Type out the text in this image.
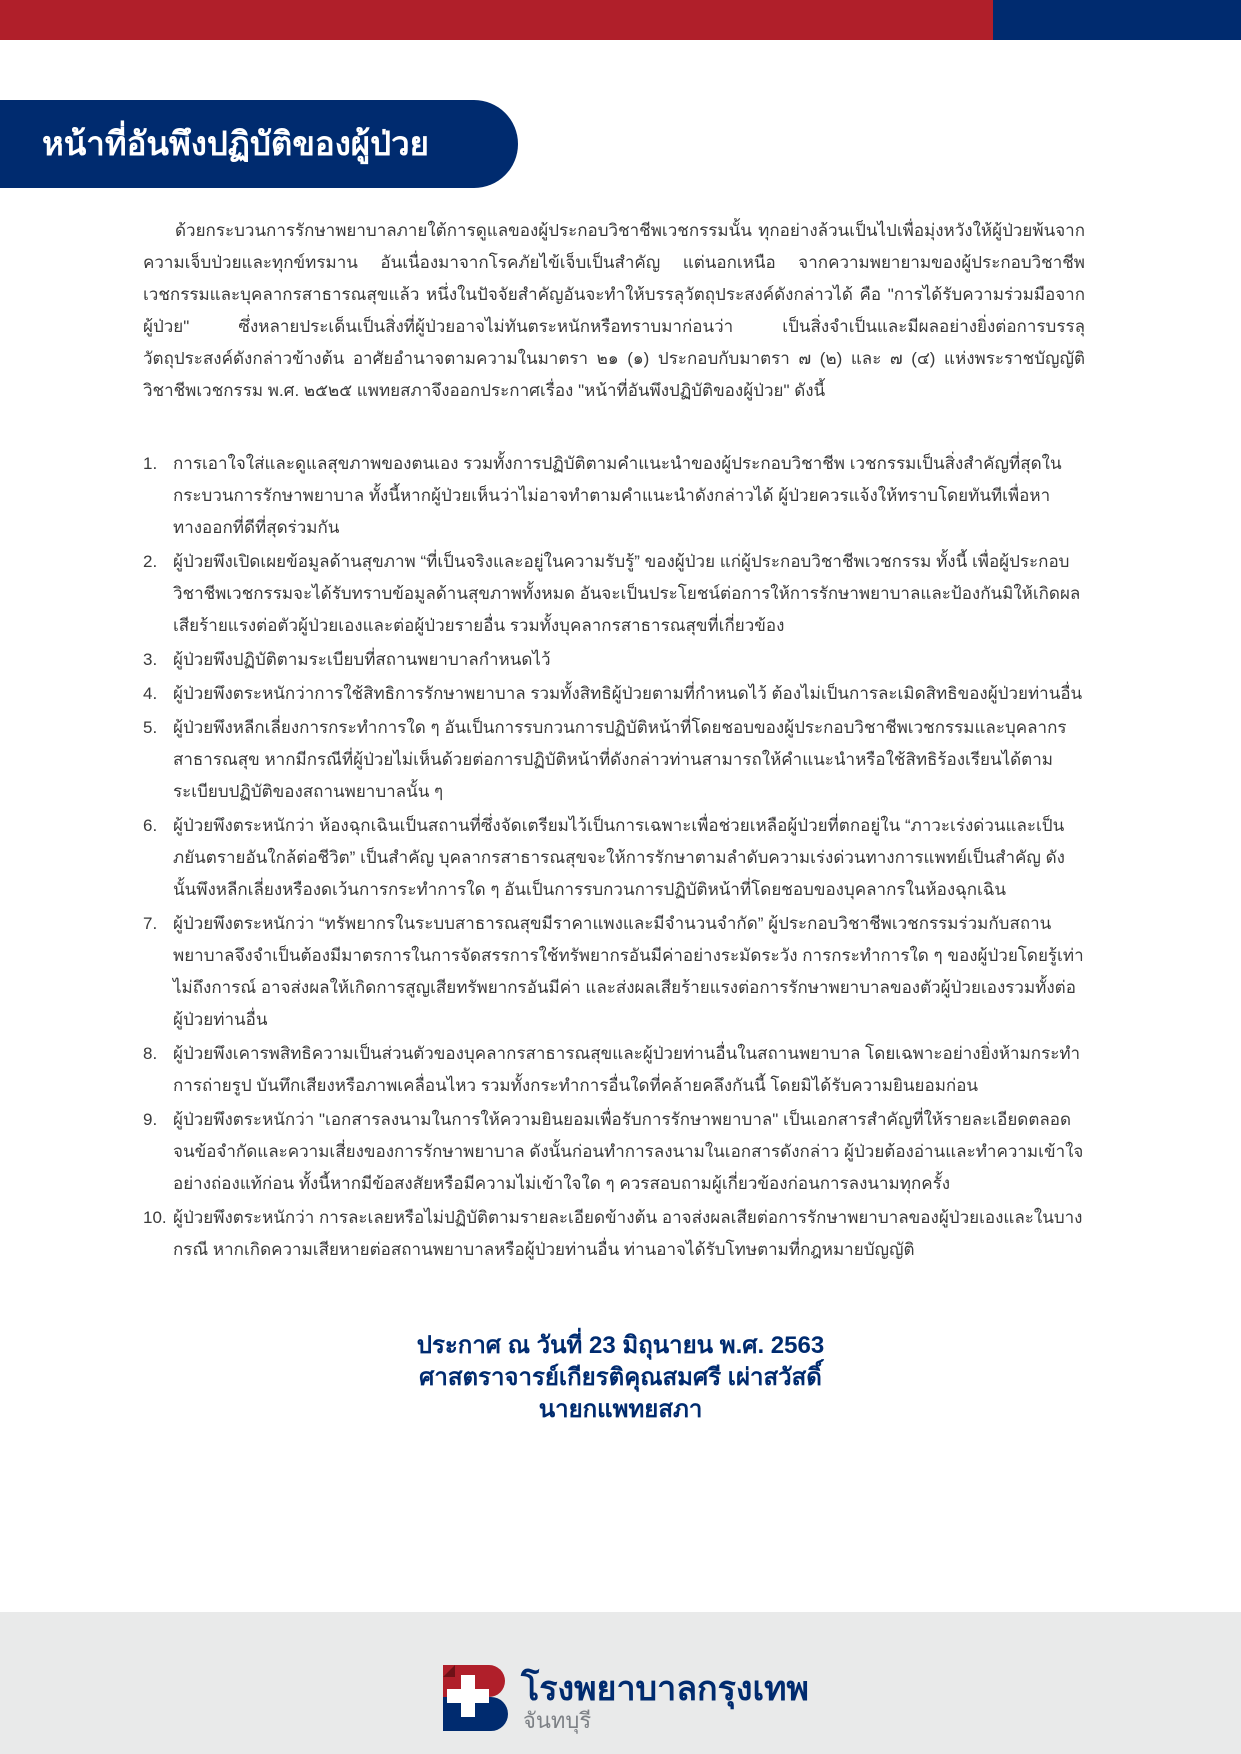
หน้าที่อันพึงปฏิบัติของผู้ป่วย

ด้วยกระบวนการรักษาพยาบาลภายใต้การดูแลของผู้ประกอบวิชาชีพเวชกรรมนั้น ทุกอย่างล้วนเป็นไปเพื่อมุ่งหวังให้ผู้ป่วยพ้นจากความเจ็บป่วยและทุกข์ทรมาน อันเนื่องมาจากโรคภัยไข้เจ็บเป็นสำคัญ แต่นอกเหนือ จากความพยายามของผู้ประกอบวิชาชีพเวชกรรมและบุคลากรสาธารณสุขแล้ว หนึ่งในปัจจัยสำคัญอันจะทำให้บรรลุวัตถุประสงค์ดังกล่าวได้ คือ "การได้รับความร่วมมือจากผู้ป่วย" ซึ่งหลายประเด็นเป็นสิ่งที่ผู้ป่วยอาจไม่ทันตระหนักหรือทราบมาก่อนว่า เป็นสิ่งจำเป็นและมีผลอย่างยิ่งต่อการบรรลุวัตถุประสงค์ดังกล่าวข้างต้น อาศัยอำนาจตามความในมาตรา ๒๑ (๑) ประกอบกับมาตรา ๗ (๒) และ ๗ (๔) แห่งพระราชบัญญัติวิชาชีพเวชกรรม พ.ศ. ๒๕๒๕ แพทยสภาจึงออกประกาศเรื่อง "หน้าที่อันพึงปฏิบัติของผู้ป่วย" ดังนี้

1. การเอาใจใส่และดูแลสุขภาพของตนเอง รวมทั้งการปฏิบัติตามคำแนะนำของผู้ประกอบวิชาชีพ เวชกรรมเป็นสิ่งสำคัญที่สุดในกระบวนการรักษาพยาบาล ทั้งนี้หากผู้ป่วยเห็นว่าไม่อาจทำตามคำแนะนำดังกล่าวได้ ผู้ป่วยควรแจ้งให้ทราบโดยทันทีเพื่อหาทางออกที่ดีที่สุดร่วมกัน
2. ผู้ป่วยพึงเปิดเผยข้อมูลด้านสุขภาพ “ที่เป็นจริงและอยู่ในความรับรู้” ของผู้ป่วย แก่ผู้ประกอบวิชาชีพเวชกรรม ทั้งนี้ เพื่อผู้ประกอบวิชาชีพเวชกรรมจะได้รับทราบข้อมูลด้านสุขภาพทั้งหมด อันจะเป็นประโยชน์ต่อการให้การรักษาพยาบาลและป้องกันมิให้เกิดผลเสียร้ายแรงต่อตัวผู้ป่วยเองและต่อผู้ป่วยรายอื่น รวมทั้งบุคลากรสาธารณสุขที่เกี่ยวข้อง
3. ผู้ป่วยพึงปฏิบัติตามระเบียบที่สถานพยาบาลกำหนดไว้
4. ผู้ป่วยพึงตระหนักว่าการใช้สิทธิการรักษาพยาบาล รวมทั้งสิทธิผู้ป่วยตามที่กำหนดไว้ ต้องไม่เป็นการละเมิดสิทธิของผู้ป่วยท่านอื่น
5. ผู้ป่วยพึงหลีกเลี่ยงการกระทำการใด ๆ อันเป็นการรบกวนการปฏิบัติหน้าที่โดยชอบของผู้ประกอบวิชาชีพเวชกรรมและบุคลากรสาธารณสุข หากมีกรณีที่ผู้ป่วยไม่เห็นด้วยต่อการปฏิบัติหน้าที่ดังกล่าวท่านสามารถให้คำแนะนำหรือใช้สิทธิร้องเรียนได้ตามระเบียบปฏิบัติของสถานพยาบาลนั้น ๆ
6. ผู้ป่วยพึงตระหนักว่า ห้องฉุกเฉินเป็นสถานที่ซึ่งจัดเตรียมไว้เป็นการเฉพาะเพื่อช่วยเหลือผู้ป่วยที่ตกอยู่ใน “ภาวะเร่งด่วนและเป็นภยันตรายอันใกล้ต่อชีวิต” เป็นสำคัญ บุคลากรสาธารณสุขจะให้การรักษาตามลำดับความเร่งด่วนทางการแพทย์เป็นสำคัญ ดังนั้นพึงหลีกเลี่ยงหรืองดเว้นการกระทำการใด ๆ อันเป็นการรบกวนการปฏิบัติหน้าที่โดยชอบของบุคลากรในห้องฉุกเฉิน
7. ผู้ป่วยพึงตระหนักว่า “ทรัพยากรในระบบสาธารณสุขมีราคาแพงและมีจำนวนจำกัด” ผู้ประกอบวิชาชีพเวชกรรมร่วมกับสถานพยาบาลจึงจำเป็นต้องมีมาตรการในการจัดสรรการใช้ทรัพยากรอันมีค่าอย่างระมัดระวัง การกระทำการใด ๆ ของผู้ป่วยโดยรู้เท่าไม่ถึงการณ์ อาจส่งผลให้เกิดการสูญเสียทรัพยากรอันมีค่า และส่งผลเสียร้ายแรงต่อการรักษาพยาบาลของตัวผู้ป่วยเองรวมทั้งต่อผู้ป่วยท่านอื่น
8. ผู้ป่วยพึงเคารพสิทธิความเป็นส่วนตัวของบุคลากรสาธารณสุขและผู้ป่วยท่านอื่นในสถานพยาบาล โดยเฉพาะอย่างยิ่งห้ามกระทำการถ่ายรูป บันทึกเสียงหรือภาพเคลื่อนไหว รวมทั้งกระทำการอื่นใดที่คล้ายคลึงกันนี้ โดยมิได้รับความยินยอมก่อน
9. ผู้ป่วยพึงตระหนักว่า "เอกสารลงนามในการให้ความยินยอมเพื่อรับการรักษาพยาบาล" เป็นเอกสารสำคัญที่ให้รายละเอียดตลอดจนข้อจำกัดและความเสี่ยงของการรักษาพยาบาล ดังนั้นก่อนทำการลงนามในเอกสารดังกล่าว ผู้ป่วยต้องอ่านและทำความเข้าใจอย่างถ่องแท้ก่อน ทั้งนี้หากมีข้อสงสัยหรือมีความไม่เข้าใจใด ๆ ควรสอบถามผู้เกี่ยวข้องก่อนการลงนามทุกครั้ง
10. ผู้ป่วยพึงตระหนักว่า การละเลยหรือไม่ปฏิบัติตามรายละเอียดข้างต้น อาจส่งผลเสียต่อการรักษาพยาบาลของผู้ป่วยเองและในบางกรณี หากเกิดความเสียหายต่อสถานพยาบาลหรือผู้ป่วยท่านอื่น ท่านอาจได้รับโทษตามที่กฎหมายบัญญัติ
ประกาศ ณ วันที่ 23 มิถุนายน พ.ศ. 2563
ศาสตราจารย์เกียรติคุณสมศรี เผ่าสวัสดิ์
นายกแพทยสภา
โรงพยาบาลกรุงเทพ
จันทบุรี
